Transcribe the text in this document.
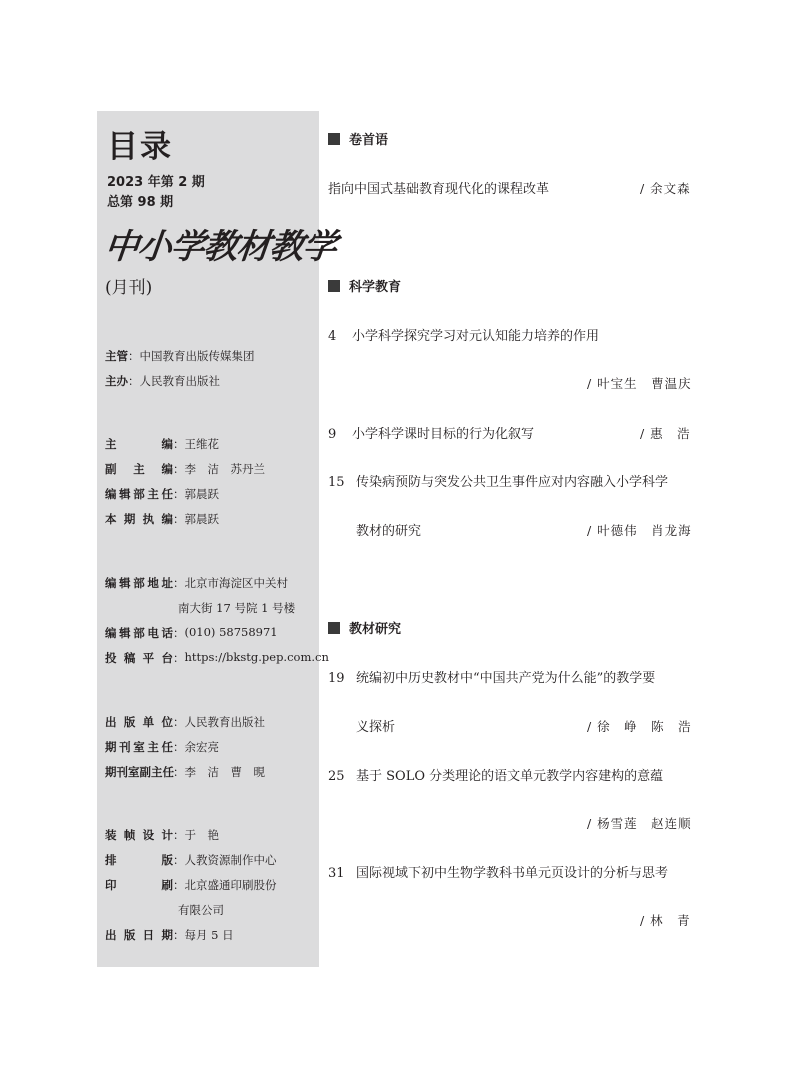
目录
2023 年第 2 期
总第 98 期
中小学教材教学
(月刊)
主管 ： 中国教育出版传媒集团
主办 ： 人民教育出版社
主　　编 ： 王维花
副 主 编 ： 李　洁　苏丹兰
编辑部主任 ： 郭晨跃
本期执编 ： 郭晨跃
编辑部地址 ： 北京市海淀区中关村
南大街 17 号院 1 号楼
编辑部电话 ： (010) 58758971
投稿平台 ： https://bkstg.pep.com.cn
出版单位 ： 人民教育出版社
期刊室主任 ： 余宏亮
期刊室副主任 ： 李　洁　曹　晛
装帧设计 ： 于　艳
排　　版 ： 人教资源制作中心
印　　刷 ： 北京盛通印刷股份
有限公司
出版日期 ： 每月 5 日
卷首语
指向中国式基础教育现代化的课程改革	/ 余文森
科学教育
4 小学科学探究学习对元认知能力培养的作用
/ 叶宝生　曹温庆
9 小学科学课时目标的行为化叙写	/ 惠　浩
15 传染病预防与突发公共卫生事件应对内容融入小学科学
教材的研究	/ 叶德伟　肖龙海
教材研究
19 统编初中历史教材中“中国共产党为什么能”的教学要
义探析	/ 徐　峥　陈　浩
25 基于 SOLO 分类理论的语文单元教学内容建构的意蕴
/ 杨雪莲　赵连顺
31 国际视域下初中生物学教科书单元页设计的分析与思考
/ 林　青
